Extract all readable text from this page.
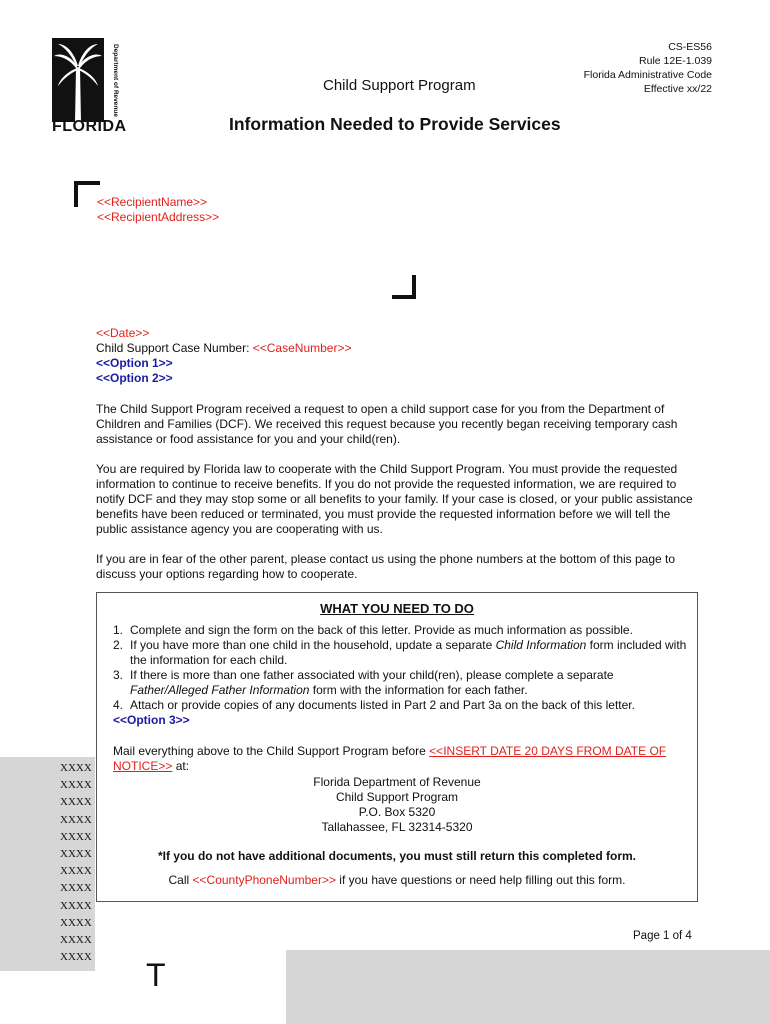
Department of Revenue
FLORIDA
CS-ES56
Rule 12E-1.039
Florida Administrative Code
Effective xx/22
Child Support Program
Information Needed to Provide Services
<<RecipientName>>
<<RecipientAddress>>
<<Date>>
Child Support Case Number: <<CaseNumber>>
<<Option 1>>
<<Option 2>>
The Child Support Program received a request to open a child support case for you from the Department of Children and Families (DCF). We received this request because you recently began receiving temporary cash assistance or food assistance for you and your child(ren).
You are required by Florida law to cooperate with the Child Support Program. You must provide the requested information to continue to receive benefits. If you do not provide the requested information, we are required to notify DCF and they may stop some or all benefits to your family. If your case is closed, or your public assistance benefits have been reduced or terminated, you must provide the requested information before we will tell the public assistance agency you are cooperating with us.
If you are in fear of the other parent, please contact us using the phone numbers at the bottom of this page to discuss your options regarding how to cooperate.
WHAT YOU NEED TO DO
1. Complete and sign the form on the back of this letter. Provide as much information as possible.
2. If you have more than one child in the household, update a separate Child Information form included with the information for each child.
3. If there is more than one father associated with your child(ren), please complete a separate Father/Alleged Father Information form with the information for each father.
4. Attach or provide copies of any documents listed in Part 2 and Part 3a on the back of this letter.
<<Option 3>>
Mail everything above to the Child Support Program before <<INSERT DATE 20 DAYS FROM DATE OF NOTICE>> at:
Florida Department of Revenue
Child Support Program
P.O. Box 5320
Tallahassee, FL 32314-5320
*If you do not have additional documents, you must still return this completed form.
Call <<CountyPhoneNumber>> if you have questions or need help filling out this form.
XXXX
XXXX
XXXX
XXXX
XXXX
XXXX
XXXX
XXXX
XXXX
XXXX
XXXX
XXXX
Page 1 of 4
T
